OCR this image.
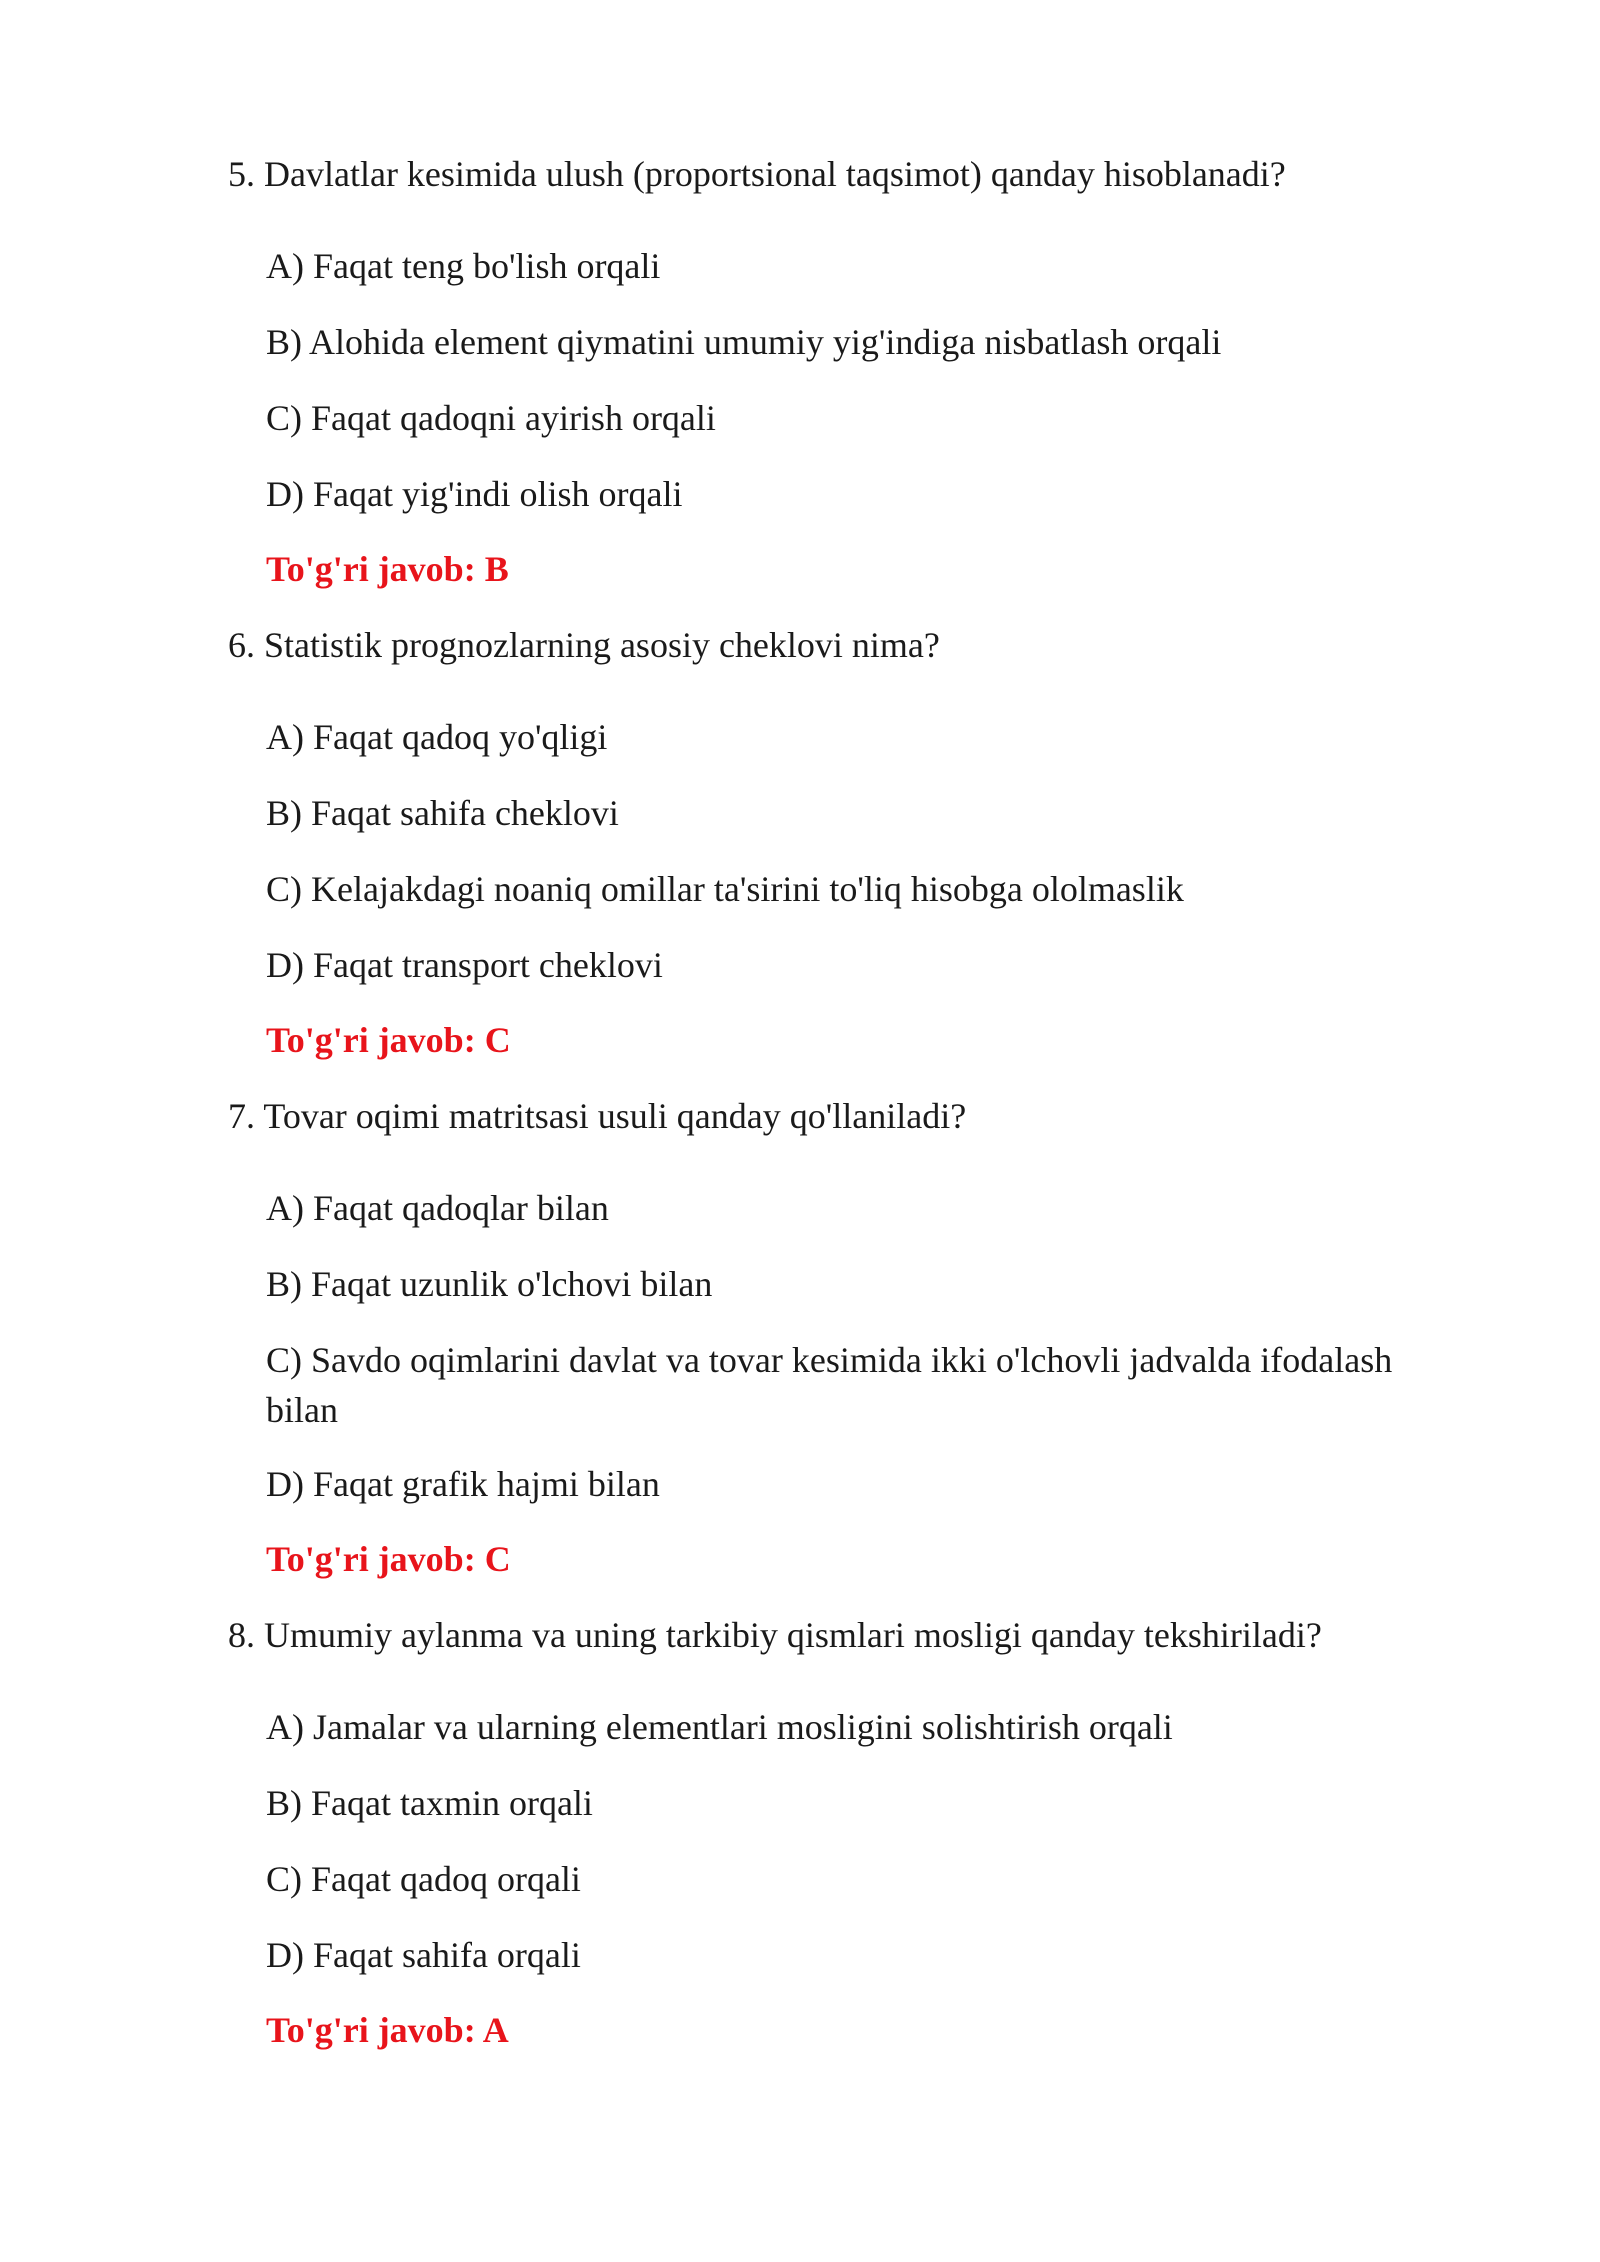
5. Davlatlar kesimida ulush (proportsional taqsimot) qanday hisoblanadi?
A) Faqat teng bo'lish orqali
B) Alohida element qiymatini umumiy yig'indiga nisbatlash orqali
C) Faqat qadoqni ayirish orqali
D) Faqat yig'indi olish orqali
To'g'ri javob: B
6. Statistik prognozlarning asosiy cheklovi nima?
A) Faqat qadoq yo'qligi
B) Faqat sahifa cheklovi
C) Kelajakdagi noaniq omillar ta'sirini to'liq hisobga ololmaslik
D) Faqat transport cheklovi
To'g'ri javob: C
7. Tovar oqimi matritsasi usuli qanday qo'llaniladi?
A) Faqat qadoqlar bilan
B) Faqat uzunlik o'lchovi bilan
C) Savdo oqimlarini davlat va tovar kesimida ikki o'lchovli jadvalda ifodalash bilan
D) Faqat grafik hajmi bilan
To'g'ri javob: C
8. Umumiy aylanma va uning tarkibiy qismlari mosligi qanday tekshiriladi?
A) Jamalar va ularning elementlari mosligini solishtirish orqali
B) Faqat taxmin orqali
C) Faqat qadoq orqali
D) Faqat sahifa orqali
To'g'ri javob: A
